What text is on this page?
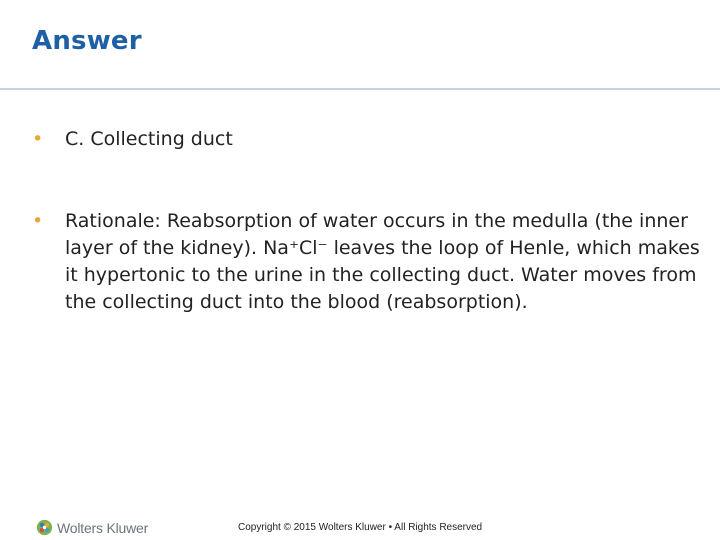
Answer
• C. Collecting duct
• Rationale: Reabsorption of water occurs in the medulla (the inner layer of the kidney). Na⁺Cl⁻ leaves the loop of Henle, which makes it hypertonic to the urine in the collecting duct. Water moves from the collecting duct into the blood (reabsorption).
Wolters Kluwer	Copyright © 2015 Wolters Kluwer • All Rights Reserved
